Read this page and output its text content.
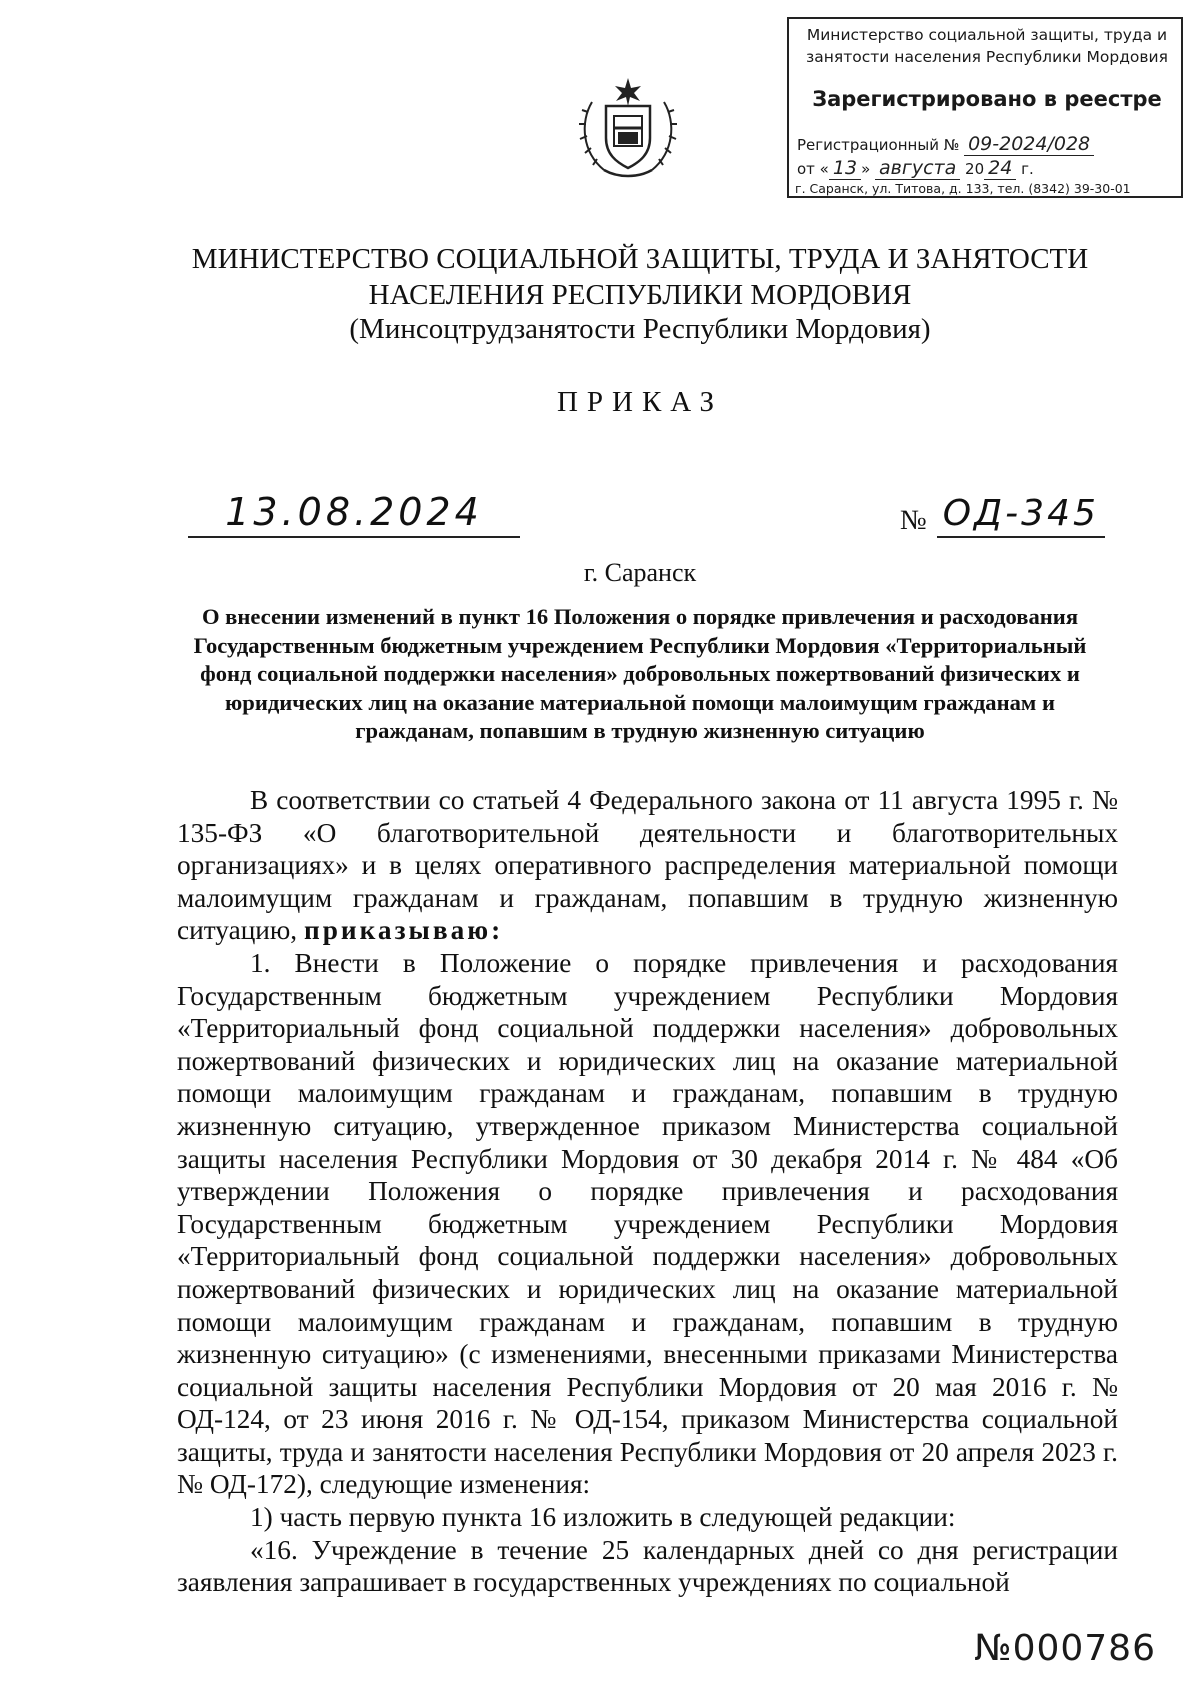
Министерство социальной защиты, труда и
занятости населения Республики Мордовия
Зарегистрировано в реестре
Регистрационный № 09-2024/028
от « 13 » августа 20 24 г.
г. Саранск, ул. Титова, д. 133, тел. (8342) 39-30-01
МИНИСТЕРСТВО СОЦИАЛЬНОЙ ЗАЩИТЫ, ТРУДА И ЗАНЯТОСТИ
НАСЕЛЕНИЯ РЕСПУБЛИКИ МОРДОВИЯ
(Минсоцтрудзанятости Республики Мордовия)
ПРИКАЗ
13.08.2024	№ ОД-345
г. Саранск
О внесении изменений в пункт 16 Положения о порядке привлечения и расходования Государственным бюджетным учреждением Республики Мордовия «Территориальный фонд социальной поддержки населения» добровольных пожертвований физических и юридических лиц на оказание материальной помощи малоимущим гражданам и гражданам, попавшим в трудную жизненную ситуацию

В соответствии со статьей 4 Федерального закона от 11 августа 1995 г. № 135-ФЗ «О благотворительной деятельности и благотворительных организациях» и в целях оперативного распределения материальной помощи малоимущим гражданам и гражданам, попавшим в трудную жизненную ситуацию, приказываю:

1. Внести в Положение о порядке привлечения и расходования Государственным бюджетным учреждением Республики Мордовия «Территориальный фонд социальной поддержки населения» добровольных пожертвований физических и юридических лиц на оказание материальной помощи малоимущим гражданам и гражданам, попавшим в трудную жизненную ситуацию, утвержденное приказом Министерства социальной защиты населения Республики Мордовия от 30 декабря 2014 г. № 484 «Об утверждении Положения о порядке привлечения и расходования Государственным бюджетным учреждением Республики Мордовия «Территориальный фонд социальной поддержки населения» добровольных пожертвований физических и юридических лиц на оказание материальной помощи малоимущим гражданам и гражданам, попавшим в трудную жизненную ситуацию» (с изменениями, внесенными приказами Министерства социальной защиты населения Республики Мордовия от 20 мая 2016 г. № ОД-124, от 23 июня 2016 г. № ОД-154, приказом Министерства социальной защиты, труда и занятости населения Республики Мордовия от 20 апреля 2023 г. № ОД-172), следующие изменения:

1) часть первую пункта 16 изложить в следующей редакции:

«16. Учреждение в течение 25 календарных дней со дня регистрации заявления запрашивает в государственных учреждениях по социальной

№000786
